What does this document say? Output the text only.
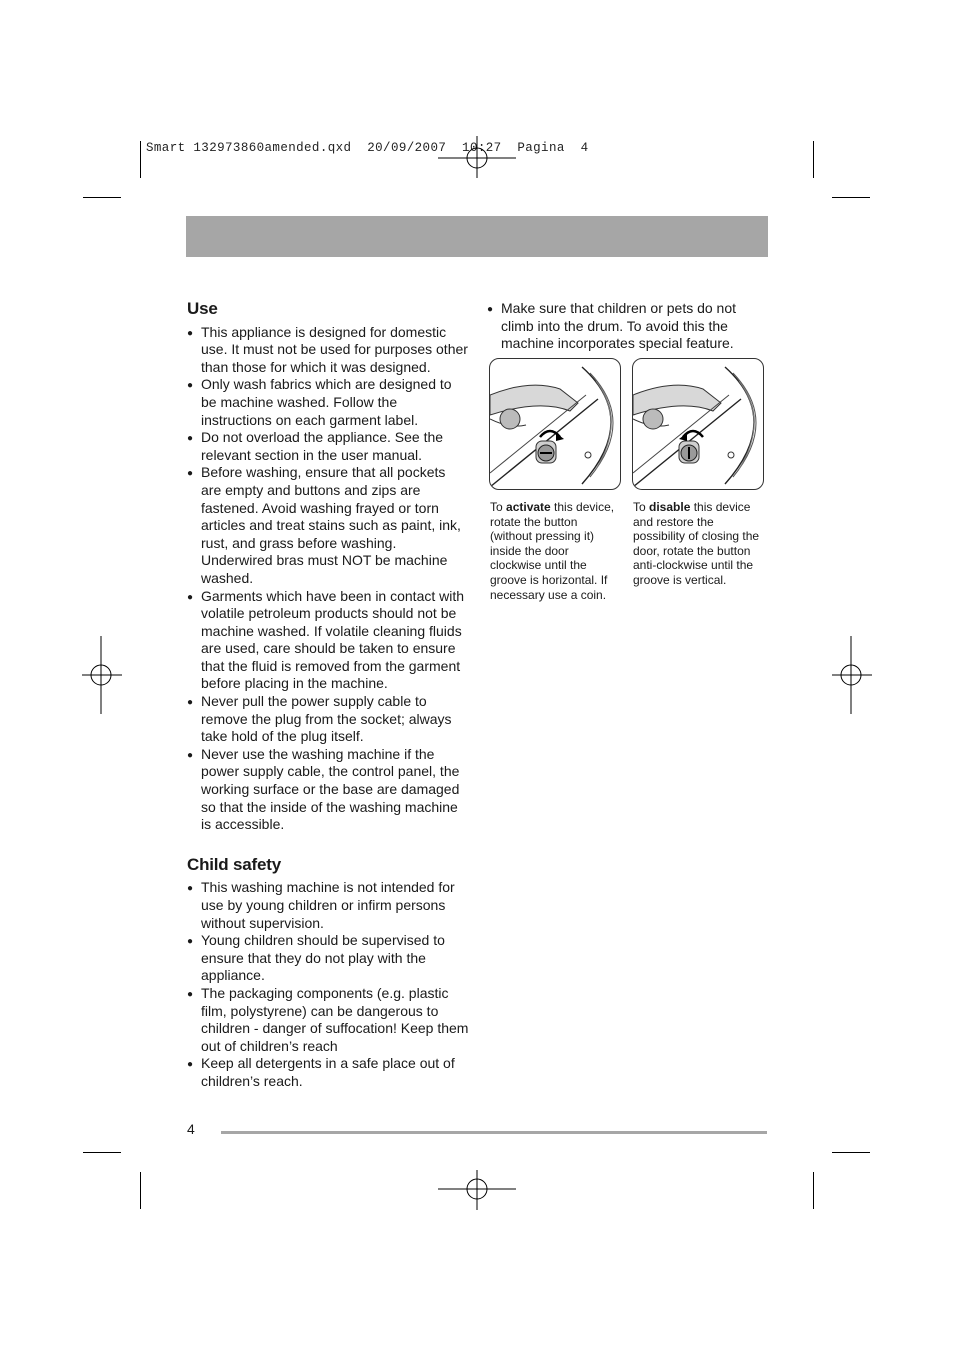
Smart 132973860amended.qxd  20/09/2007  10:27  Pagina  4
Use
● This appliance is designed for domestic use. It must not be used for purposes other than those for which it was designed.
● Only wash fabrics which are designed to be machine washed. Follow the instructions on each garment label.
● Do not overload the appliance. See the relevant section in the user manual.
● Before washing, ensure that all pockets are empty and buttons and zips are fastened. Avoid washing frayed or torn articles and treat stains such as paint, ink, rust, and grass before washing. Underwired bras must NOT be machine washed.
● Garments which have been in contact with volatile petroleum products should not be machine washed. If volatile cleaning fluids are used, care should be taken to ensure that the fluid is removed from the garment before placing in the machine.
● Never pull the power supply cable to remove the plug from the socket; always take hold of the plug itself.
● Never use the washing machine if the power supply cable, the control panel, the working surface or the base are damaged so that the inside of the washing machine is accessible.
Child safety
● This washing machine is not intended for use by young children or infirm persons without supervision.
● Young children should be supervised to ensure that they do not play with the appliance.
● The packaging components (e.g. plastic film, polystyrene) can be dangerous to children - danger of suffocation! Keep them out of children’s reach
● Keep all detergents in a safe place out of children’s reach.
● Make sure that children or pets do not climb into the drum. To avoid this the machine incorporates special feature.
To activate this device, rotate the button (without pressing it) inside the door clockwise until the groove is horizontal. If necessary use a coin.
To disable this device and restore the possibility of closing the door, rotate the button anti-clockwise until the groove is vertical.
4
